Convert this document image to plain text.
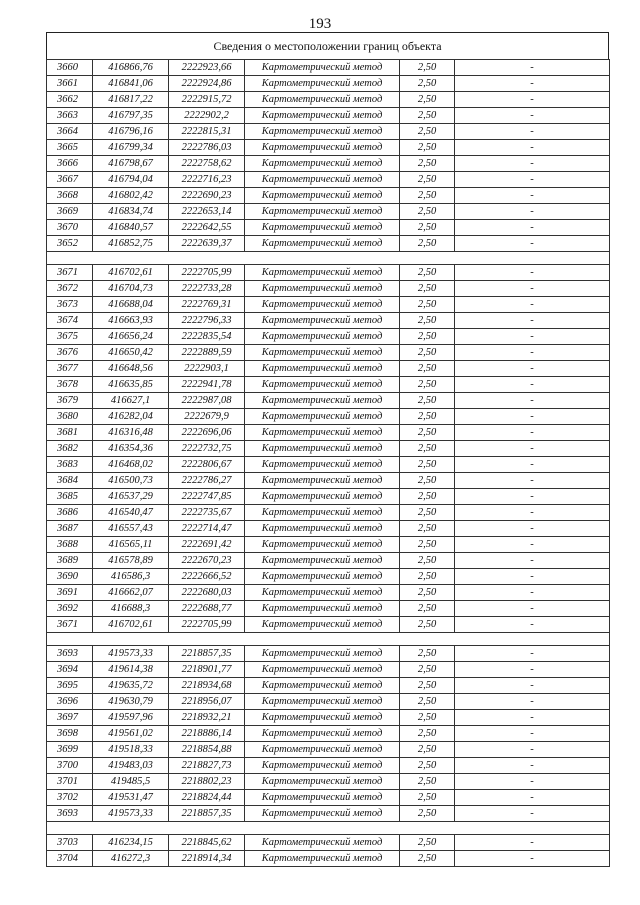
193
Сведения о местоположении границ объекта
3660	416866,76	2222923,66	Картометрический метод	2,50	-
3661	416841,06	2222924,86	Картометрический метод	2,50	-
3662	416817,22	2222915,72	Картометрический метод	2,50	-
3663	416797,35	2222902,2	Картометрический метод	2,50	-
3664	416796,16	2222815,31	Картометрический метод	2,50	-
3665	416799,34	2222786,03	Картометрический метод	2,50	-
3666	416798,67	2222758,62	Картометрический метод	2,50	-
3667	416794,04	2222716,23	Картометрический метод	2,50	-
3668	416802,42	2222690,23	Картометрический метод	2,50	-
3669	416834,74	2222653,14	Картометрический метод	2,50	-
3670	416840,57	2222642,55	Картометрический метод	2,50	-
3652	416852,75	2222639,37	Картометрический метод	2,50	-

3671	416702,61	2222705,99	Картометрический метод	2,50	-
3672	416704,73	2222733,28	Картометрический метод	2,50	-
3673	416688,04	2222769,31	Картометрический метод	2,50	-
3674	416663,93	2222796,33	Картометрический метод	2,50	-
3675	416656,24	2222835,54	Картометрический метод	2,50	-
3676	416650,42	2222889,59	Картометрический метод	2,50	-
3677	416648,56	2222903,1	Картометрический метод	2,50	-
3678	416635,85	2222941,78	Картометрический метод	2,50	-
3679	416627,1	2222987,08	Картометрический метод	2,50	-
3680	416282,04	2222679,9	Картометрический метод	2,50	-
3681	416316,48	2222696,06	Картометрический метод	2,50	-
3682	416354,36	2222732,75	Картометрический метод	2,50	-
3683	416468,02	2222806,67	Картометрический метод	2,50	-
3684	416500,73	2222786,27	Картометрический метод	2,50	-
3685	416537,29	2222747,85	Картометрический метод	2,50	-
3686	416540,47	2222735,67	Картометрический метод	2,50	-
3687	416557,43	2222714,47	Картометрический метод	2,50	-
3688	416565,11	2222691,42	Картометрический метод	2,50	-
3689	416578,89	2222670,23	Картометрический метод	2,50	-
3690	416586,3	2222666,52	Картометрический метод	2,50	-
3691	416662,07	2222680,03	Картометрический метод	2,50	-
3692	416688,3	2222688,77	Картометрический метод	2,50	-
3671	416702,61	2222705,99	Картометрический метод	2,50	-

3693	419573,33	2218857,35	Картометрический метод	2,50	-
3694	419614,38	2218901,77	Картометрический метод	2,50	-
3695	419635,72	2218934,68	Картометрический метод	2,50	-
3696	419630,79	2218956,07	Картометрический метод	2,50	-
3697	419597,96	2218932,21	Картометрический метод	2,50	-
3698	419561,02	2218886,14	Картометрический метод	2,50	-
3699	419518,33	2218854,88	Картометрический метод	2,50	-
3700	419483,03	2218827,73	Картометрический метод	2,50	-
3701	419485,5	2218802,23	Картометрический метод	2,50	-
3702	419531,47	2218824,44	Картометрический метод	2,50	-
3693	419573,33	2218857,35	Картометрический метод	2,50	-

3703	416234,15	2218845,62	Картометрический метод	2,50	-
3704	416272,3	2218914,34	Картометрический метод	2,50	-
